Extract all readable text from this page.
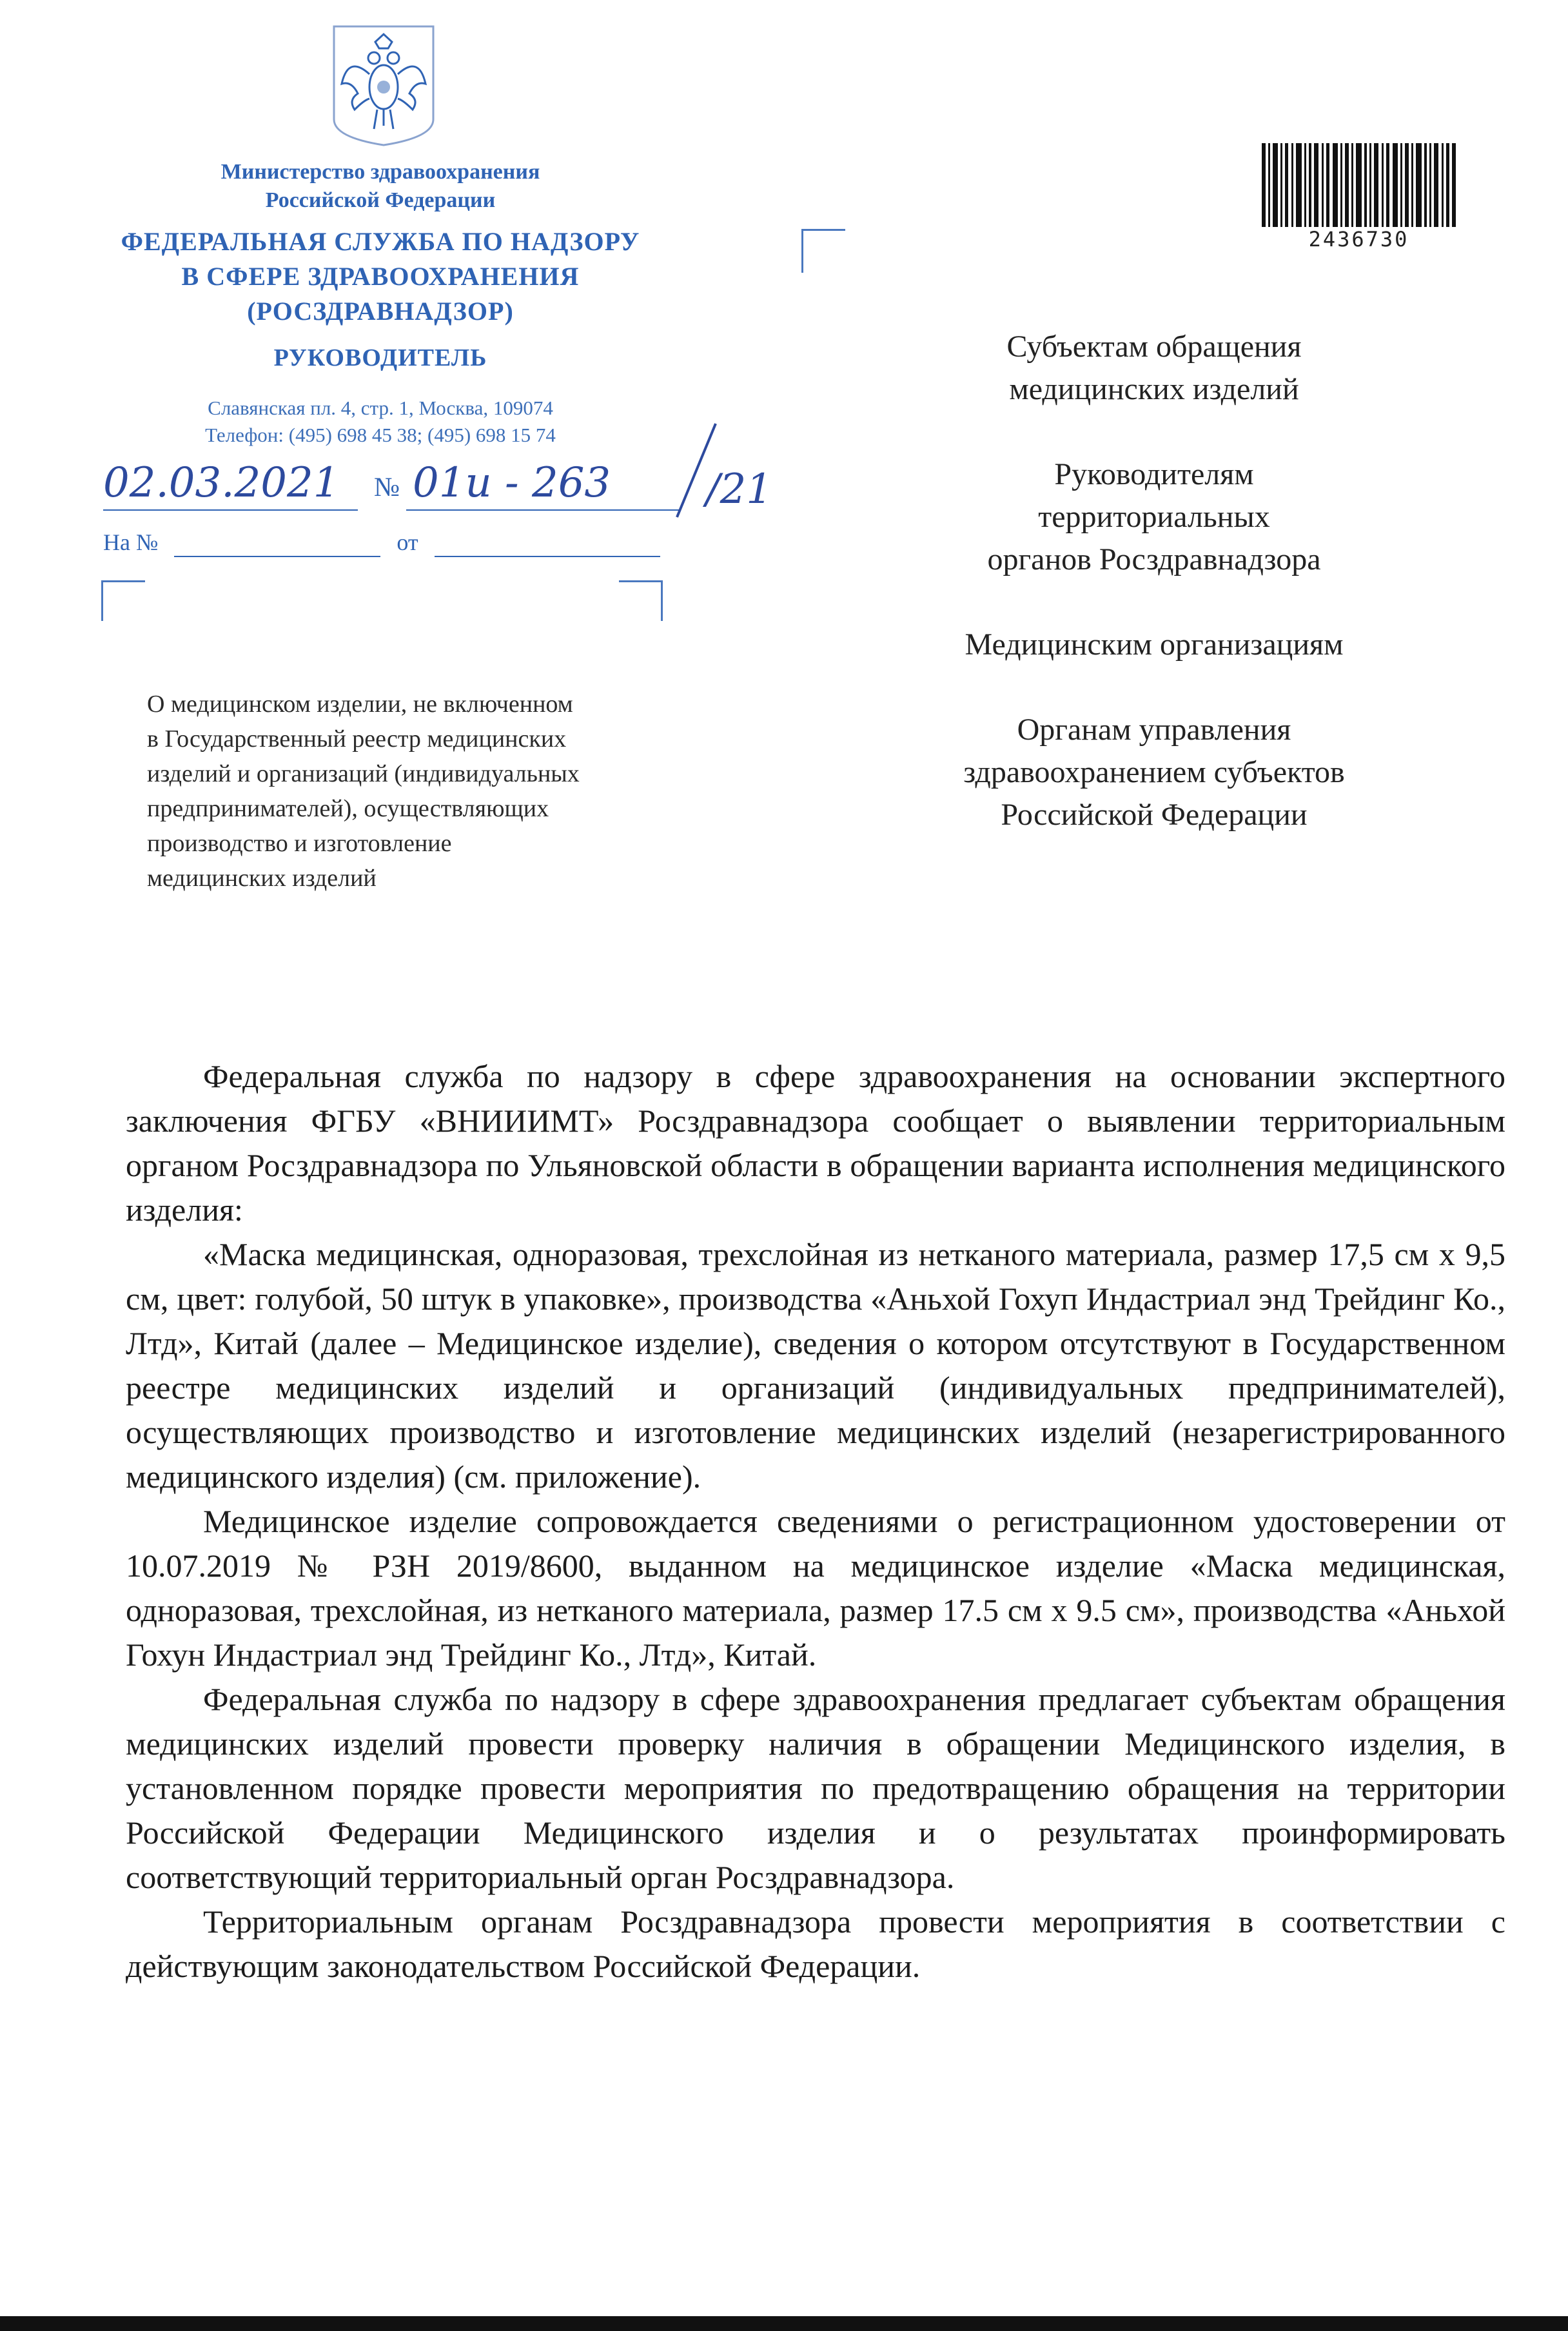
Министерство здравоохранения
Российской Федерации
ФЕДЕРАЛЬНАЯ СЛУЖБА ПО НАДЗОРУ
В СФЕРЕ ЗДРАВООХРАНЕНИЯ
(РОСЗДРАВНАДЗОР)
РУКОВОДИТЕЛЬ
Славянская пл. 4, стр. 1, Москва, 109074
Телефон: (495) 698 45 38; (495) 698 15 74
02.03.2021 № 01и - 263 /21
На №	от
2436730
О медицинском изделии, не включенном
в Государственный реестр медицинских
изделий и организаций (индивидуальных
предпринимателей), осуществляющих
производство и изготовление
медицинских изделий
Субъектам обращения
медицинских изделий
Руководителям
территориальных
органов Росздравнадзора
Медицинским организациям
Органам управления
здравоохранением субъектов
Российской Федерации

Федеральная служба по надзору в сфере здравоохранения на основании экспертного заключения ФГБУ «ВНИИИМТ» Росздравнадзора сообщает о выявлении территориальным органом Росздравнадзора по Ульяновской области в обращении варианта исполнения медицинского изделия:

«Маска медицинская, одноразовая, трехслойная из нетканого материала, размер 17,5 см х 9,5 см, цвет: голубой, 50 штук в упаковке», производства «Аньхой Гохуп Индастриал энд Трейдинг Ко., Лтд», Китай (далее – Медицинское изделие), сведения о котором отсутствуют в Государственном реестре медицинских изделий и организаций (индивидуальных предпринимателей), осуществляющих производство и изготовление медицинских изделий (незарегистрированного медицинского изделия) (см. приложение).

Медицинское изделие сопровождается сведениями о регистрационном удостоверении от 10.07.2019 № РЗН 2019/8600, выданном на медицинское изделие «Маска медицинская, одноразовая, трехслойная, из нетканого материала, размер 17.5 см х 9.5 см», производства «Аньхой Гохун Индастриал энд Трейдинг Ко., Лтд», Китай.

Федеральная служба по надзору в сфере здравоохранения предлагает субъектам обращения медицинских изделий провести проверку наличия в обращении Медицинского изделия, в установленном порядке провести мероприятия по предотвращению обращения на территории Российской Федерации Медицинского изделия и о результатах проинформировать соответствующий территориальный орган Росздравнадзора.

Территориальным органам Росздравнадзора провести мероприятия в соответствии с действующим законодательством Российской Федерации.
